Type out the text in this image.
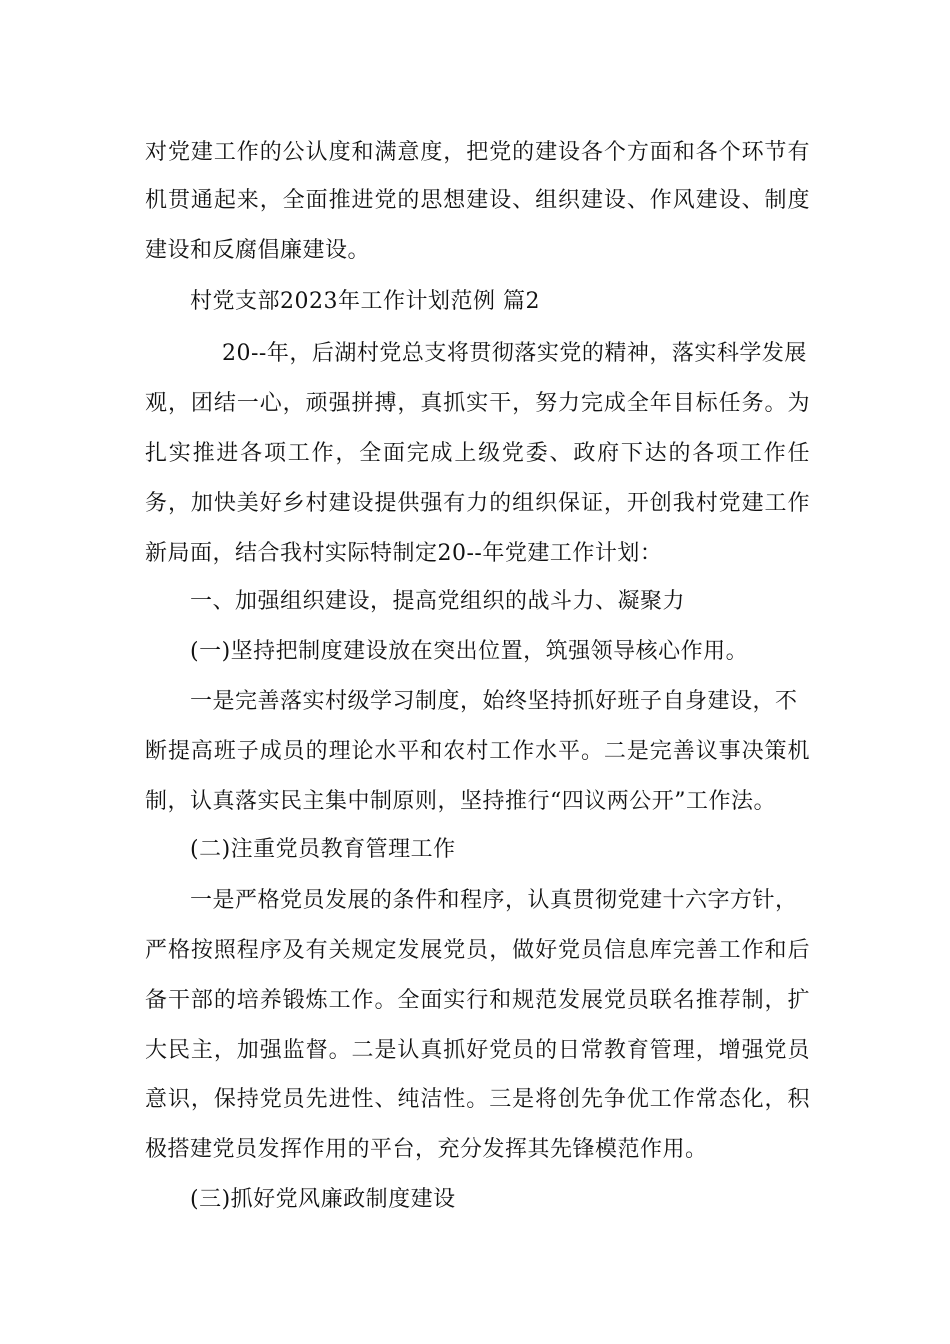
对党建工作的公认度和满意度，把党的建设各个方面和各个环节有
机贯通起来，全面推进党的思想建设、组织建设、作风建设、制度
建设和反腐倡廉建设。
村党支部2023年工作计划范例 篇2
20--年，后湖村党总支将贯彻落实党的精神，落实科学发展
观，团结一心，顽强拼搏，真抓实干，努力完成全年目标任务。为
扎实推进各项工作，全面完成上级党委、政府下达的各项工作任
务，加快美好乡村建设提供强有力的组织保证，开创我村党建工作
新局面，结合我村实际特制定20--年党建工作计划：
一、加强组织建设，提高党组织的战斗力、凝聚力
(一)坚持把制度建设放在突出位置，筑强领导核心作用。
一是完善落实村级学习制度，始终坚持抓好班子自身建设，不
断提高班子成员的理论水平和农村工作水平。二是完善议事决策机
制，认真落实民主集中制原则，坚持推行“四议两公开”工作法。
(二)注重党员教育管理工作
一是严格党员发展的条件和程序，认真贯彻党建十六字方针，
严格按照程序及有关规定发展党员，做好党员信息库完善工作和后
备干部的培养锻炼工作。全面实行和规范发展党员联名推荐制，扩
大民主，加强监督。二是认真抓好党员的日常教育管理，增强党员
意识，保持党员先进性、纯洁性。三是将创先争优工作常态化，积
极搭建党员发挥作用的平台，充分发挥其先锋模范作用。
(三)抓好党风廉政制度建设
